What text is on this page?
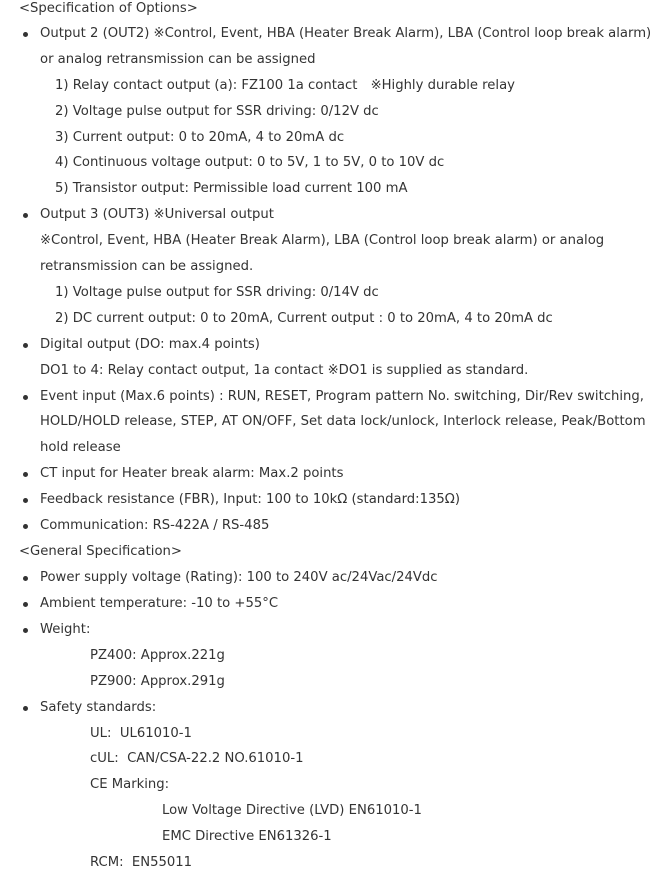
<Specification of Options>
Output 2 (OUT2) ※Control, Event, HBA (Heater Break Alarm), LBA (Control loop break alarm)
or analog retransmission can be assigned
1) Relay contact output (a): FZ100 1a contact　※Highly durable relay
2) Voltage pulse output for SSR driving: 0/12V dc
3) Current output: 0 to 20mA, 4 to 20mA dc
4) Continuous voltage output: 0 to 5V, 1 to 5V, 0 to 10V dc
5) Transistor output: Permissible load current 100 mA
Output 3 (OUT3) ※Universal output
※Control, Event, HBA (Heater Break Alarm), LBA (Control loop break alarm) or analog
retransmission can be assigned.
1) Voltage pulse output for SSR driving: 0/14V dc
2) DC current output: 0 to 20mA, Current output : 0 to 20mA, 4 to 20mA dc
Digital output (DO: max.4 points)
DO1 to 4: Relay contact output, 1a contact ※DO1 is supplied as standard.
Event input (Max.6 points) : RUN, RESET, Program pattern No. switching, Dir/Rev switching,
HOLD/HOLD release, STEP, AT ON/OFF, Set data lock/unlock, Interlock release, Peak/Bottom
hold release
CT input for Heater break alarm: Max.2 points
Feedback resistance (FBR), Input: 100 to 10kΩ (standard:135Ω)
Communication: RS-422A / RS-485
<General Specification>
Power supply voltage (Rating): 100 to 240V ac/24Vac/24Vdc
Ambient temperature: -10 to +55°C
Weight:
PZ400: Approx.221g
PZ900: Approx.291g
Safety standards:
UL:  UL61010-1
cUL:  CAN/CSA-22.2 NO.61010-1
CE Marking:
Low Voltage Directive (LVD) EN61010-1
EMC Directive EN61326-1
RCM:  EN55011
